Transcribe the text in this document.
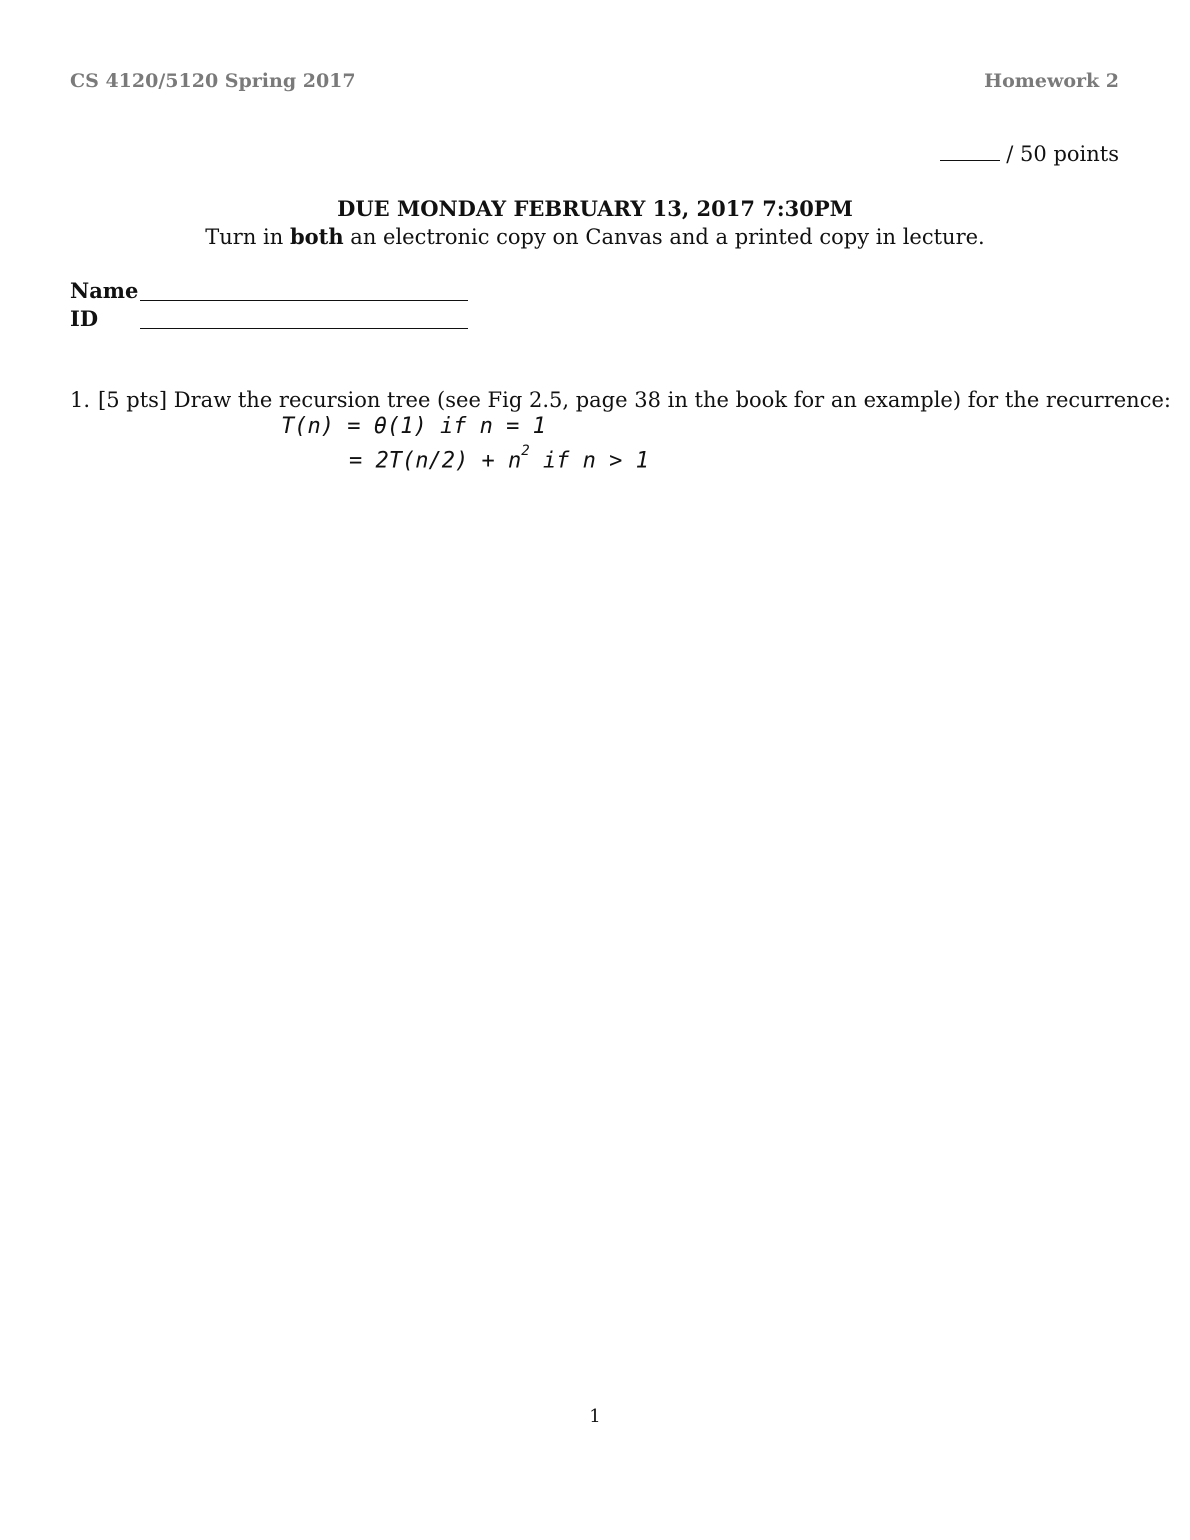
CS 4120/5120 Spring 2017	Homework 2
/ 50 points
DUE MONDAY FEBRUARY 13, 2017 7:30PM
Turn in both an electronic copy on Canvas and a printed copy in lecture.
Name
ID
1. [5 pts] Draw the recursion tree (see Fig 2.5, page 38 in the book for an example) for the recurrence:
T(n) = θ(1) if n = 1
= $2T(n/2) + n^2$ if n > 1
1
